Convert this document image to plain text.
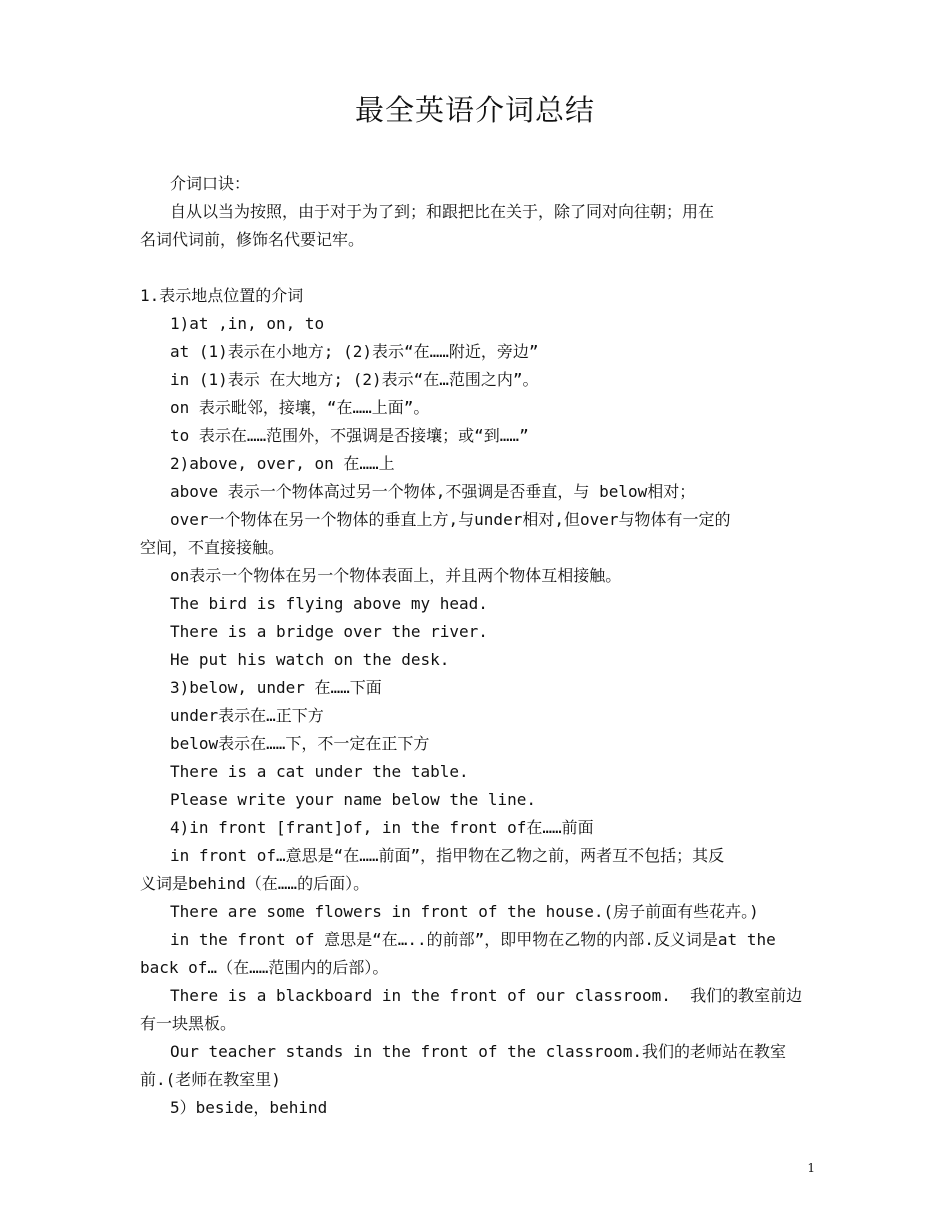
最全英语介词总结
介词口诀：
自从以当为按照，由于对于为了到；和跟把比在关于，除了同对向往朝；用在
名词代词前，修饰名代要记牢。
1.表示地点位置的介词
1)at ,in, on, to
at (1)表示在小地方; (2)表示“在……附近，旁边”
in (1)表示 在大地方; (2)表示“在…范围之内”。
on 表示毗邻，接壤，“在……上面”。
to 表示在……范围外，不强调是否接壤；或“到……”
2)above, over, on 在……上
above 表示一个物体高过另一个物体,不强调是否垂直，与 below相对；
over一个物体在另一个物体的垂直上方,与under相对,但over与物体有一定的
空间，不直接接触。
on表示一个物体在另一个物体表面上，并且两个物体互相接触。
The bird is flying above my head.
There is a bridge over the river.
He put his watch on the desk.
3)below, under 在……下面
under表示在…正下方
below表示在……下，不一定在正下方
There is a cat under the table.
Please write your name below the line.
4)in front [frant]of, in the front of在……前面
in front of…意思是“在……前面”，指甲物在乙物之前，两者互不包括；其反
义词是behind（在……的后面）。
There are some flowers in front of the house.(房子前面有些花卉。)
in the front of 意思是“在…..的前部”，即甲物在乙物的内部.反义词是at the
back of…（在……范围内的后部）。
There is a blackboard in the front of our classroom.  我们的教室前边
有一块黑板。
Our teacher stands in the front of the classroom.我们的老师站在教室
前.(老师在教室里)
5）beside，behind
1
